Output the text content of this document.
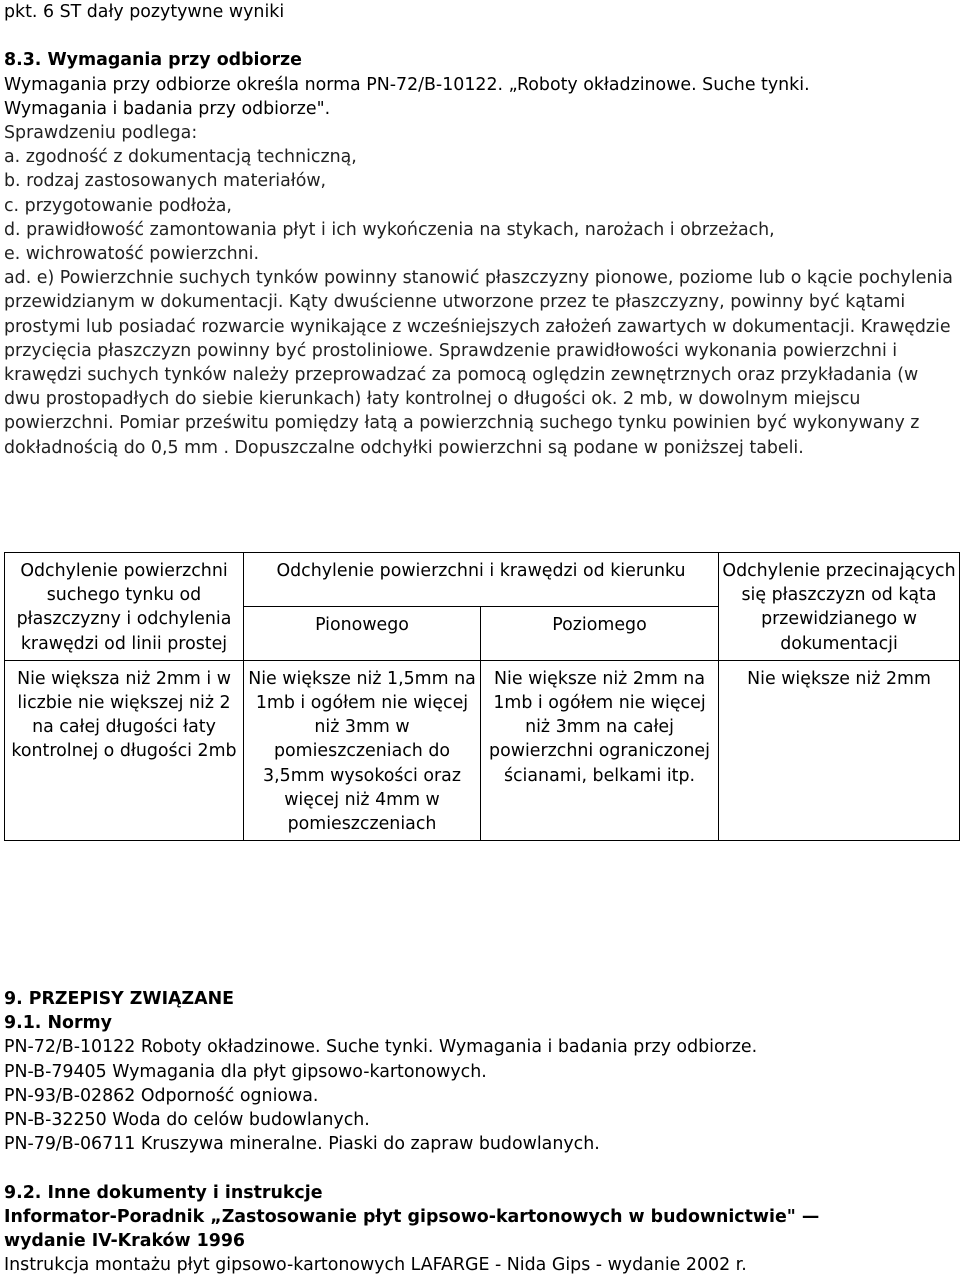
pkt. 6 ST dały pozytywne wyniki
8.3. Wymagania przy odbiorze
Wymagania przy odbiorze określa norma PN-72/B-10122. „Roboty okładzinowe. Suche tynki.
Wymagania i badania przy odbiorze".
Sprawdzeniu podlega:
a. zgodność z dokumentacją techniczną,
b. rodzaj zastosowanych materiałów,
c. przygotowanie podłoża,
d. prawidłowość zamontowania płyt i ich wykończenia na stykach, narożach i obrzeżach,
e. wichrowatość powierzchni.
ad. e) Powierzchnie suchych tynków powinny stanowić płaszczyzny pionowe, poziome lub o kącie pochylenia przewidzianym w dokumentacji. Kąty dwuścienne utworzone przez te płaszczyzny, powinny być kątami prostymi lub posiadać rozwarcie wynikające z wcześniejszych założeń zawartych w dokumentacji. Krawędzie przycięcia płaszczyzn powinny być prostoliniowe. Sprawdzenie prawidłowości wykonania powierzchni i krawędzi suchych tynków należy przeprowadzać za pomocą oględzin zewnętrznych oraz przykładania (w dwu prostopadłych do siebie kierunkach) łaty kontrolnej o długości ok. 2 mb, w dowolnym miejscu powierzchni. Pomiar prześwitu pomiędzy łatą a powierzchnią suchego tynku powinien być wykonywany z dokładnością do 0,5 mm . Dopuszczalne odchyłki powierzchni są podane w poniższej tabeli.
Odchylenie powierzchni suchego tynku od płaszczyzny i odchylenia krawędzi od linii prostej	Odchylenie powierzchni i krawędzi od kierunku		Odchylenie przecinających się płaszczyzn od kąta przewidzianego w dokumentacji
	Pionowego	Poziomego	
Nie większa niż 2mm i w liczbie nie większej niż 2 na całej długości łaty kontrolnej o długości 2mb	Nie większe niż 1,5mm na 1mb i ogółem nie więcej niż 3mm w pomieszczeniach do 3,5mm wysokości oraz więcej niż 4mm w pomieszczeniach	Nie większe niż 2mm na 1mb i ogółem nie więcej niż 3mm na całej powierzchni ograniczonej ścianami, belkami itp.	Nie większe niż 2mm
9. PRZEPISY ZWIĄZANE
9.1. Normy
PN-72/B-10122 Roboty okładzinowe. Suche tynki. Wymagania i badania przy odbiorze.
PN-B-79405 Wymagania dla płyt gipsowo-kartonowych.
PN-93/B-02862 Odporność ogniowa.
PN-B-32250 Woda do celów budowlanych.
PN-79/B-06711 Kruszywa mineralne. Piaski do zapraw budowlanych.
9.2. Inne dokumenty i instrukcje
Informator-Poradnik „Zastosowanie płyt gipsowo-kartonowych w budownictwie" —
wydanie IV-Kraków 1996
Instrukcja montażu płyt gipsowo-kartonowych LAFARGE - Nida Gips - wydanie 2002 r.
